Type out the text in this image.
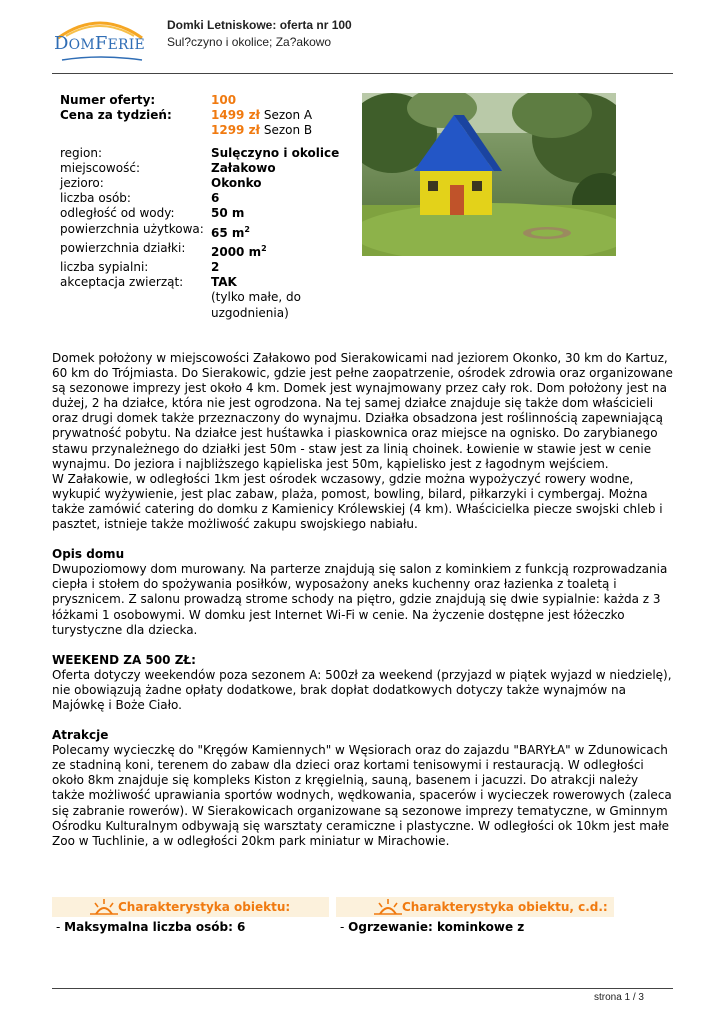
DOMFERIE
Domki Letniskowe: oferta nr 100
Sul?czyno i okolice; Za?akowo
Numer oferty:	100
Cena za tydzień:	1499 zł Sezon A
1299 zł Sezon B
region:	Sulęczyno i okolice
miejscowość:	Załakowo
jezioro:	Okonko
liczba osób:	6
odległość od wody:	50 m
powierzchnia użytkowa: 65 $m^2$
powierzchnia działki:	2000 $m^2$
liczba sypialni:	2
akceptacja zwierząt:	TAK
(tylko małe, do
uzgodnienia)

Domek położony w miejscowości Załakowo pod Sierakowicami nad jeziorem Okonko, 30 km do Kartuz, 60 km do Trójmiasta. Do Sierakowic, gdzie jest pełne zaopatrzenie, ośrodek zdrowia oraz organizowane są sezonowe imprezy jest około 4 km. Domek jest wynajmowany przez cały rok. Dom położony jest na dużej, 2 ha działce, która nie jest ogrodzona. Na tej samej działce znajduje się także dom właścicieli oraz drugi domek także przeznaczony do wynajmu. Działka obsadzona jest roślinnością zapewniającą prywatność pobytu. Na działce jest huśtawka i piaskownica oraz miejsce na ognisko. Do zarybianego stawu przynależnego do działki jest 50m - staw jest za linią choinek. Łowienie w stawie jest w cenie wynajmu. Do jeziora i najbliższego kąpieliska jest 50m, kąpielisko jest z łagodnym wejściem.

W Załakowie, w odległości 1km jest ośrodek wczasowy, gdzie można wypożyczyć rowery wodne, wykupić wyżywienie, jest plac zabaw, plaża, pomost, bowling, bilard, piłkarzyki i cymbergaj. Można także zamówić catering do domku z Kamienicy Królewskiej (4 km). Właścicielka piecze swojski chleb i pasztet, istnieje także możliwość zakupu swojskiego nabiału.

Opis domu

Dwupoziomowy dom murowany. Na parterze znajdują się salon z kominkiem z funkcją rozprowadzania ciepła i stołem do spożywania posiłków, wyposażony aneks kuchenny oraz łazienka z toaletą i prysznicem. Z salonu prowadzą strome schody na piętro, gdzie znajdują się dwie sypialnie: każda z 3 łóżkami 1 osobowymi. W domku jest Internet Wi-Fi w cenie. Na życzenie dostępne jest łóżeczko turystyczne dla dziecka.

WEEKEND ZA 500 ZŁ:

Oferta dotyczy weekendów poza sezonem A: 500zł za weekend (przyjazd w piątek wyjazd w niedzielę), nie obowiązują żadne opłaty dodatkowe, brak dopłat dodatkowych dotyczy także wynajmów na Majówkę i Boże Ciało.

Atrakcje

Polecamy wycieczkę do "Kręgów Kamiennych" w Węsiorach oraz do zajazdu "BARYŁA" w Zdunowicach ze stadniną koni, terenem do zabaw dla dzieci oraz kortami tenisowymi i restauracją. W odległości około 8km znajduje się kompleks Kiston z kręgielnią, sauną, basenem i jacuzzi. Do atrakcji należy także możliwość uprawiania sportów wodnych, wędkowania, spacerów i wycieczek rowerowych (zaleca się zabranie rowerów). W Sierakowicach organizowane są sezonowe imprezy tematyczne, w Gminnym Ośrodku Kulturalnym odbywają się warsztaty ceramiczne i plastyczne. W odległości ok 10km jest małe Zoo w Tuchlinie, a w odległości 20km park miniatur w Mirachowie.

Charakterystyka obiektu:
- Maksymalna liczba osób: 6
Charakterystyka obiektu, c.d.:
- Ogrzewanie: kominkowe z
strona 1 / 3
